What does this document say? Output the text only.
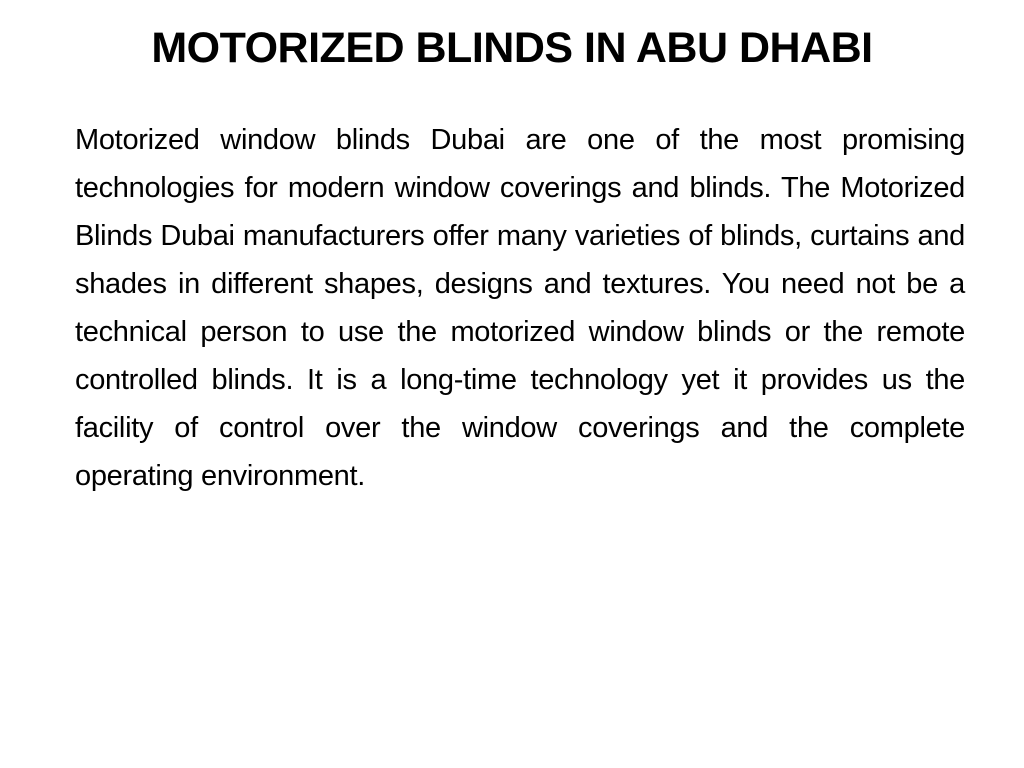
MOTORIZED BLINDS IN ABU DHABI

Motorized window blinds Dubai are one of the most promising technologies for modern window coverings and blinds. The Motorized Blinds Dubai manufacturers offer many varieties of blinds, curtains and shades in different shapes, designs and textures. You need not be a technical person to use the motorized window blinds or the remote controlled blinds. It is a long-time technology yet it provides us the facility of control over the window coverings and the complete operating environment.
